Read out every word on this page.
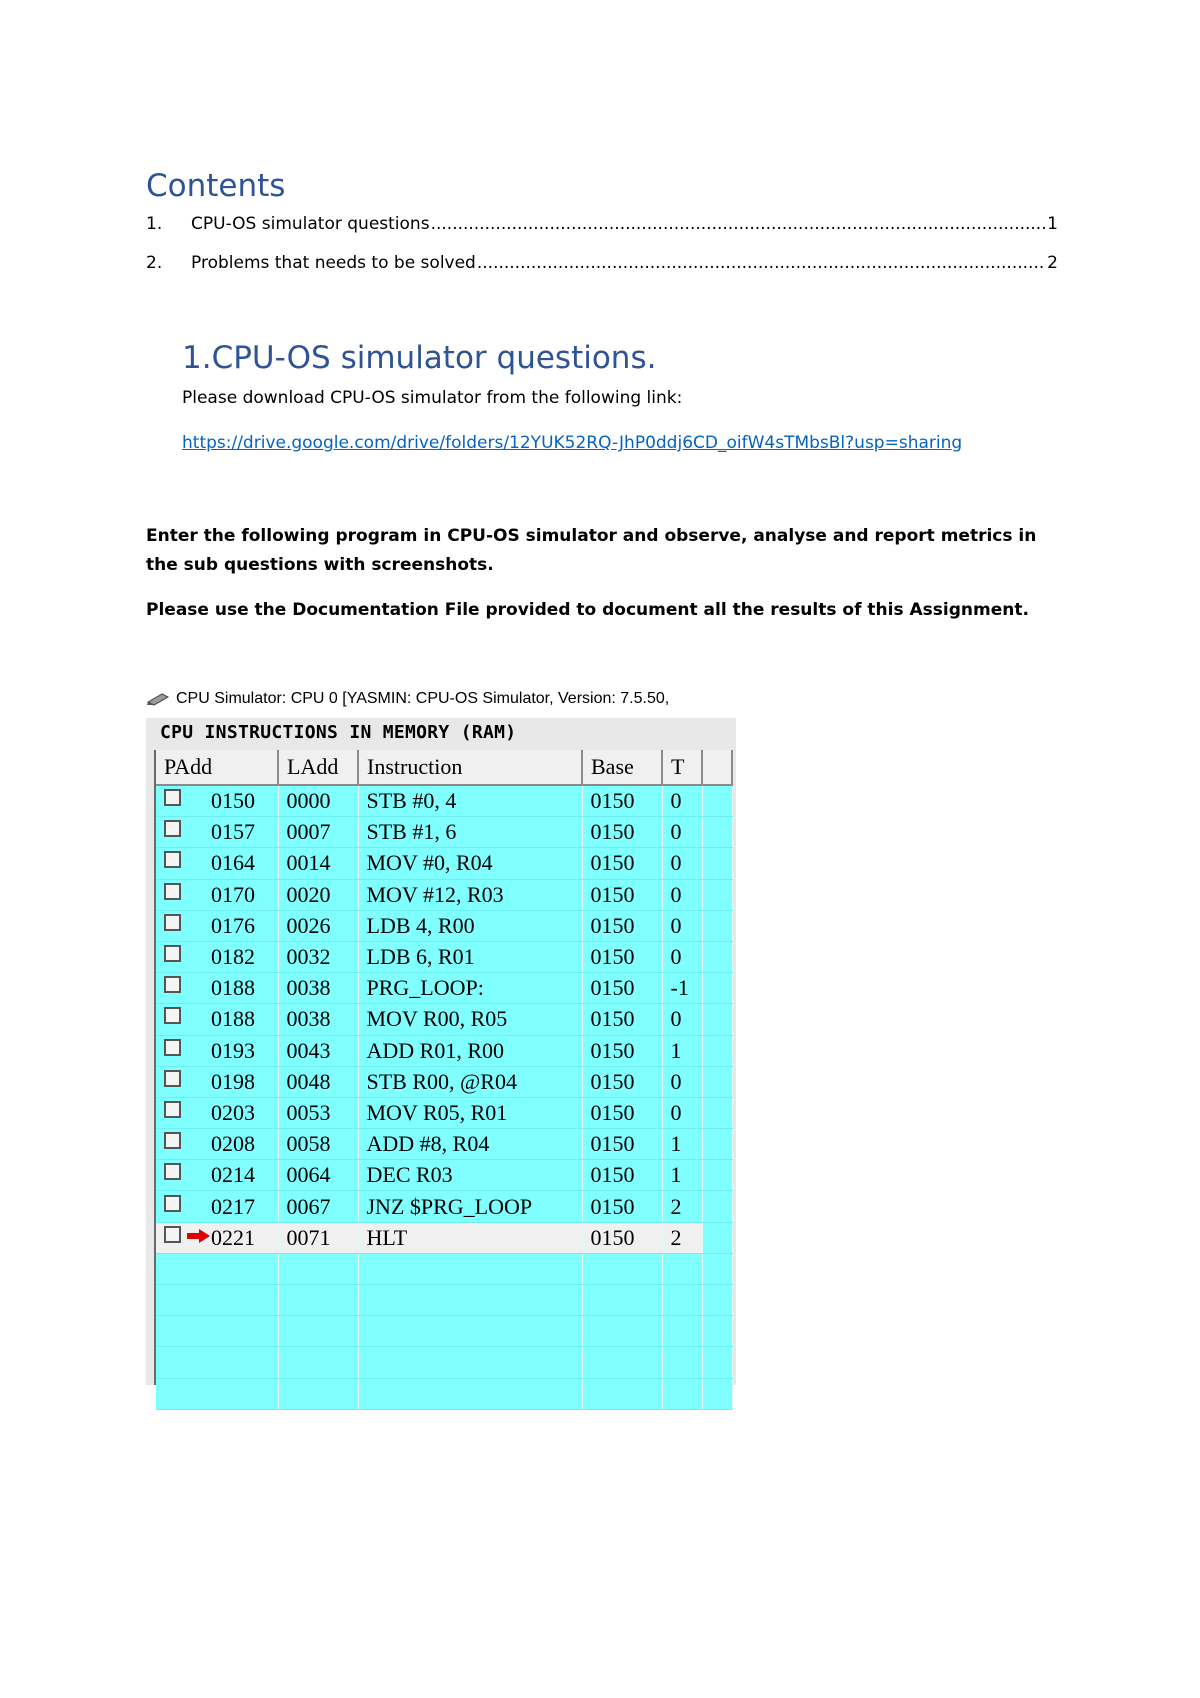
Contents
1.	CPU-OS simulator questions .....	1
2.	Problems that needs to be solved .....	2
1.CPU-OS simulator questions.
Please download CPU-OS simulator from the following link:
https://drive.google.com/drive/folders/12YUK52RQ-JhP0ddj6CD_oifW4sTMbsBl?usp=sharing
Enter the following program in CPU-OS simulator and observe, analyse and report metrics in the sub questions with screenshots.
Please use the Documentation File provided to document all the results of this Assignment.
CPU Simulator: CPU 0 [YASMIN: CPU-OS Simulator, Version: 7.5.50,
CPU INSTRUCTIONS IN MEMORY (RAM)
PAdd	LAdd	Instruction	Base	T	
0150	0000	STB #0, 4	0150	0	
0157	0007	STB #1, 6	0150	0	
0164	0014	MOV #0, R04	0150	0	
0170	0020	MOV #12, R03	0150	0	
0176	0026	LDB 4, R00	0150	0	
0182	0032	LDB 6, R01	0150	0	
0188	0038	PRG_LOOP:	0150	-1	
0188	0038	MOV R00, R05	0150	0	
0193	0043	ADD R01, R00	0150	1	
0198	0048	STB R00, @R04	0150	0	
0203	0053	MOV R05, R01	0150	0	
0208	0058	ADD #8, R04	0150	1	
0214	0064	DEC R03	0150	1	
0217	0067	JNZ $PRG_LOOP	0150	2	
0221	0071	HLT	0150	2	
